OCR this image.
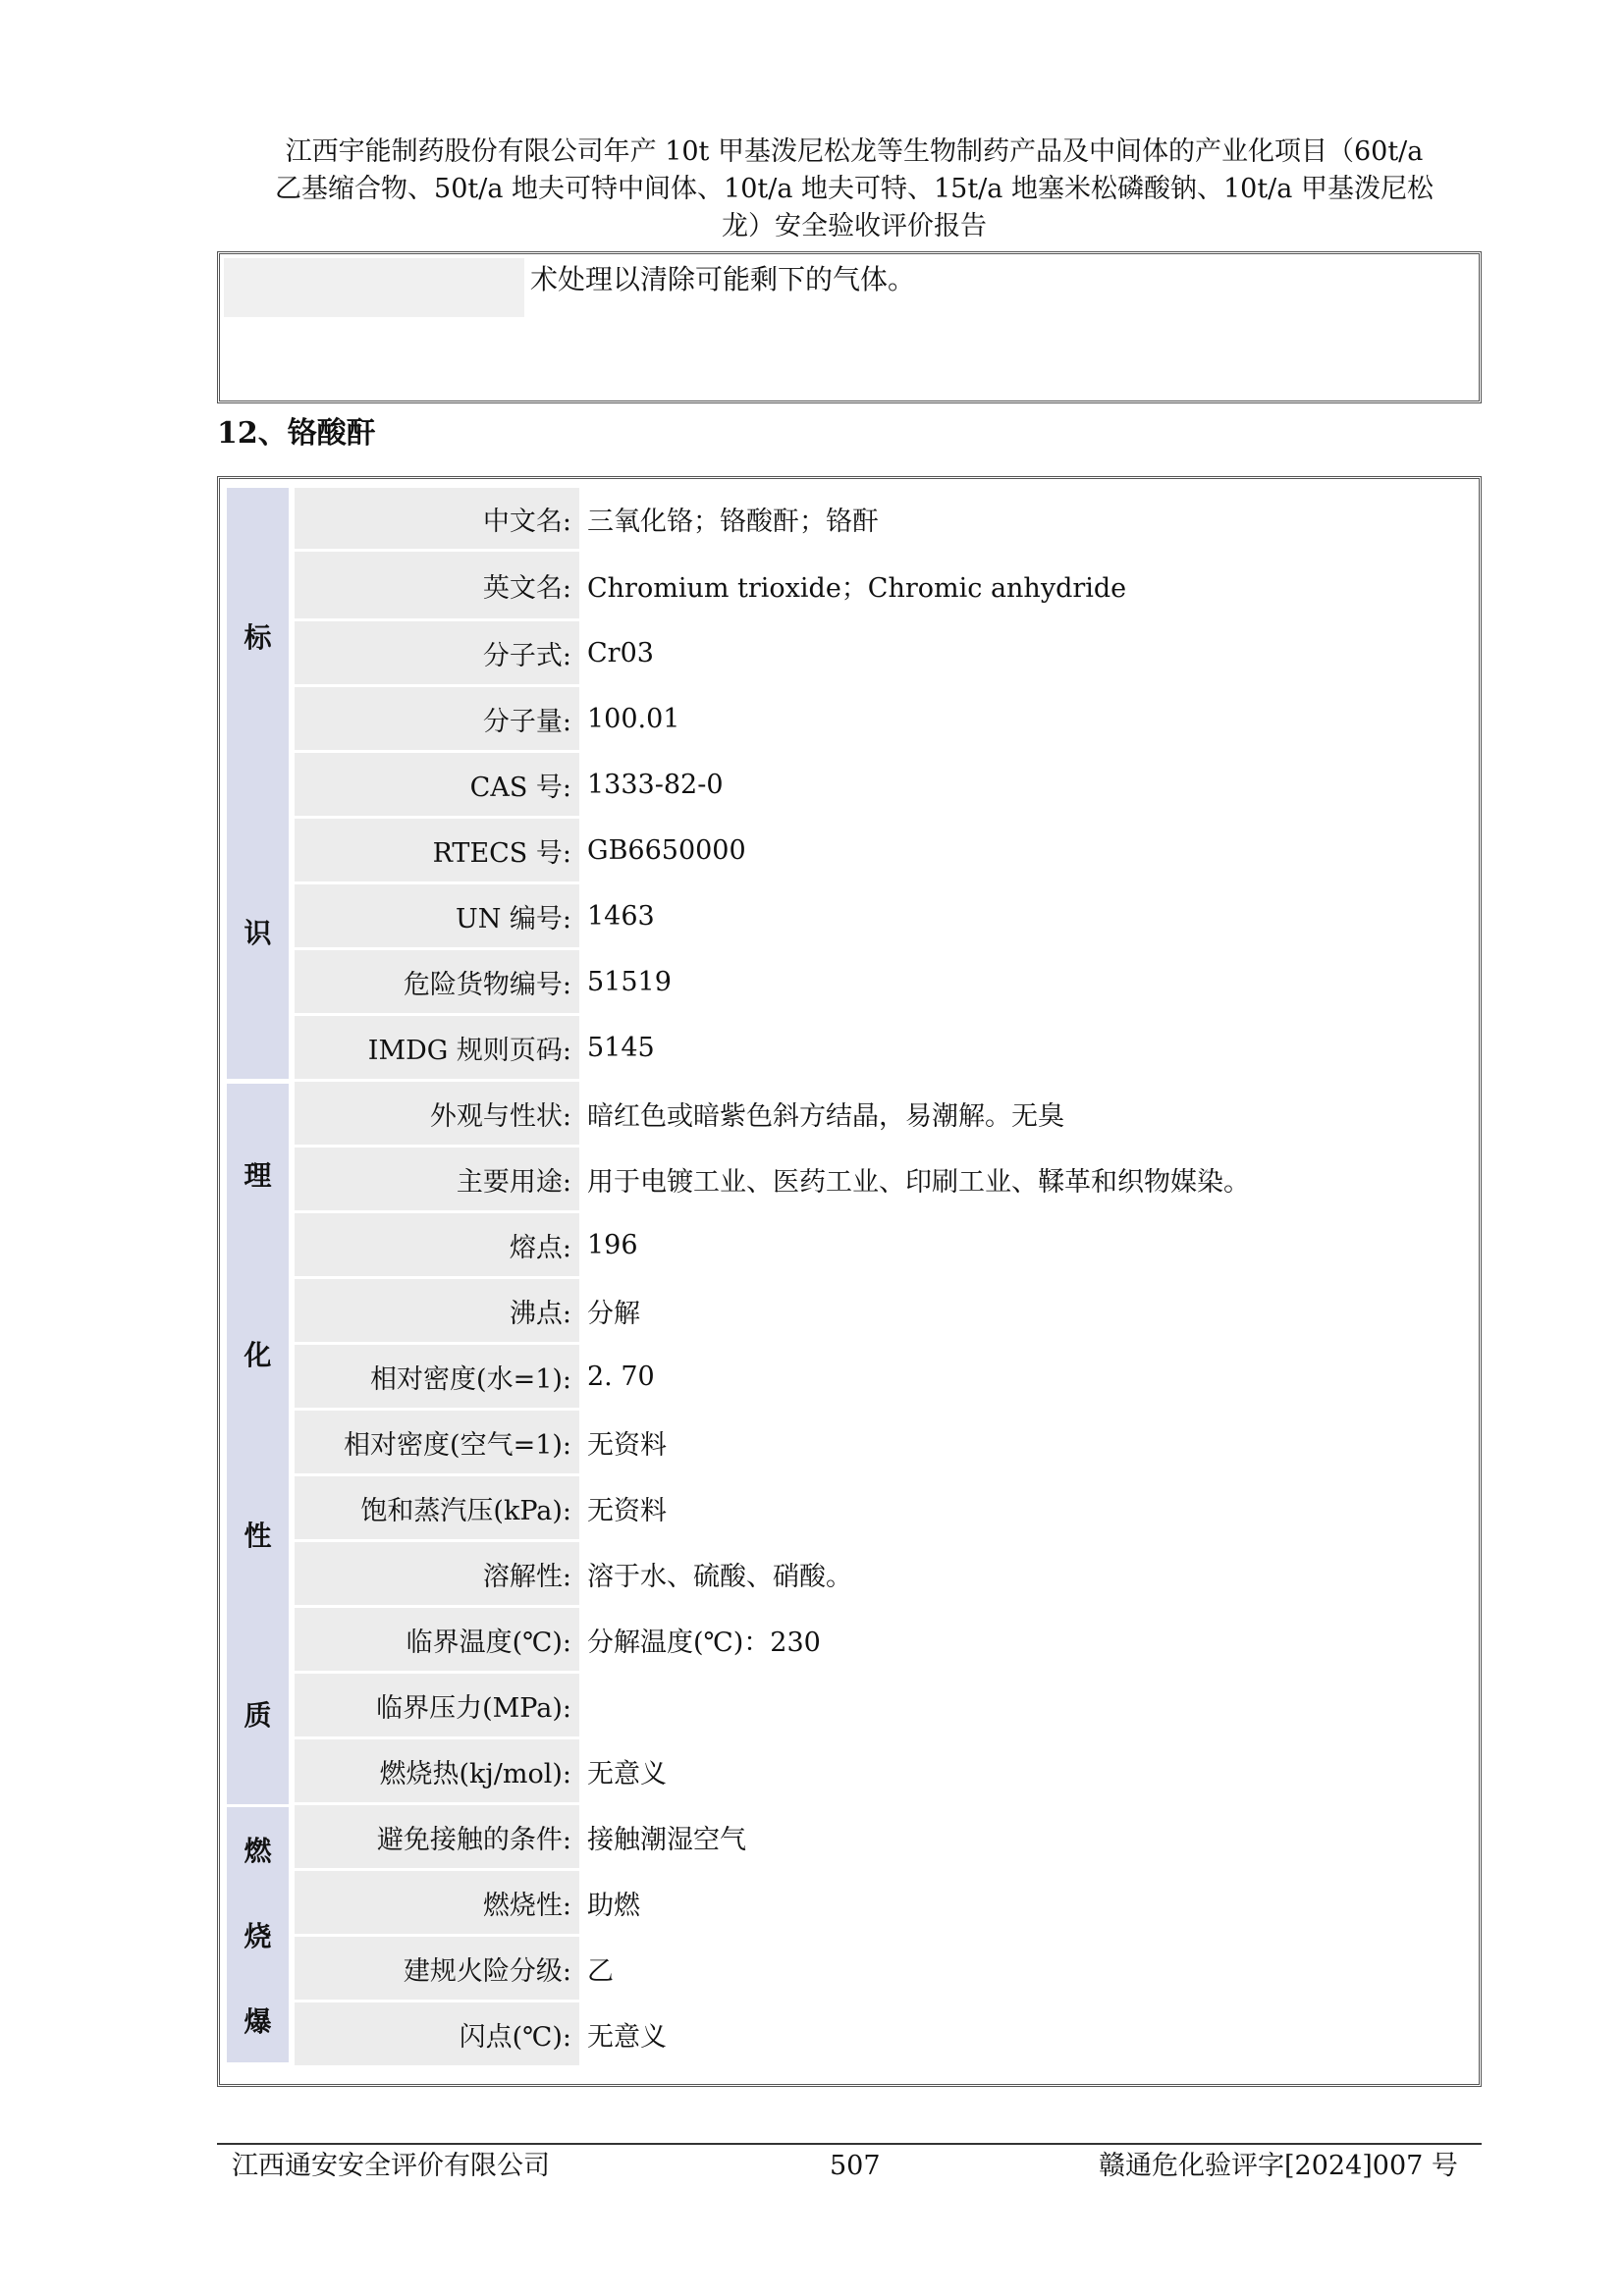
江西宇能制药股份有限公司年产 10t 甲基泼尼松龙等生物制药产品及中间体的产业化项目（60t/a
乙基缩合物、50t/a 地夫可特中间体、10t/a 地夫可特、15t/a 地塞米松磷酸钠、10t/a 甲基泼尼松
龙）安全验收评价报告
术处理以清除可能剩下的气体。
12、铬酸酐
标
识
理
化
性
质
燃
烧
爆
中文名: 三氧化铬；铬酸酐；铬酐
英文名: Chromium trioxide；Chromic anhydride
分子式: Cr03
分子量: 100.01
CAS 号: 1333-82-0
RTECS 号: GB6650000
UN 编号: 1463
危险货物编号: 51519
IMDG 规则页码: 5145
外观与性状: 暗红色或暗紫色斜方结晶，易潮解。无臭
主要用途: 用于电镀工业、医药工业、印刷工业、鞣革和织物媒染。
熔点: 196
沸点: 分解
相对密度(水=1): 2. 70
相对密度(空气=1): 无资料
饱和蒸汽压(kPa): 无资料
溶解性: 溶于水、硫酸、硝酸。
临界温度(℃): 分解温度(℃)：230
临界压力(MPa):
燃烧热(kj/mol): 无意义
避免接触的条件: 接触潮湿空气
燃烧性: 助燃
建规火险分级: 乙
闪点(℃): 无意义
江西通安安全评价有限公司	507	赣通危化验评字[2024]007 号
